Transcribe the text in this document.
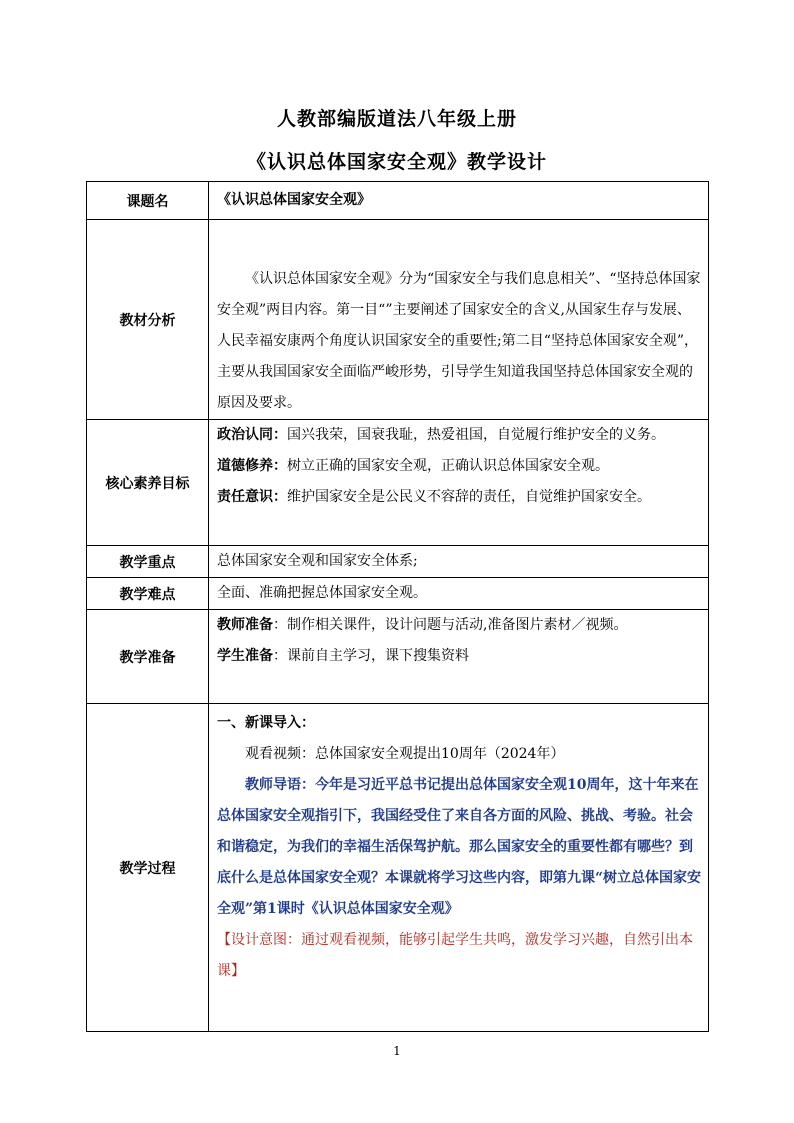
人教部编版道法八年级上册
《认识总体国家安全观》教学设计
课题名	《认识总体国家安全观》
教材分析	《认识总体国家安全观》分为“国家安全与我们息息相关”、“坚持总体国家安全观”两目内容。第一目“”主要阐述了国家安全的含义,从国家生存与发展、人民幸福安康两个角度认识国家安全的重要性;第二目“坚持总体国家安全观”，主要从我国国家安全面临严峻形势，引导学生知道我国坚持总体国家安全观的原因及要求。

核心素养目标	政治认同：国兴我荣，国衰我耻，热爱祖国，自觉履行维护安全的义务。

道德修养：树立正确的国家安全观，正确认识总体国家安全观。

责任意识：维护国家安全是公民义不容辞的责任，自觉维护国家安全。

教学重点	总体国家安全观和国家安全体系;
教学难点	全面、准确把握总体国家安全观。
教学准备	教师准备：制作相关课件，设计问题与活动,准备图片素材／视频。

学生准备：课前自主学习，课下搜集资料

教学过程	一、新课导入：

观看视频：总体国家安全观提出10周年（2024年）

教师导语：今年是习近平总书记提出总体国家安全观10周年，这十年来在总体国家安全观指引下，我国经受住了来自各方面的风险、挑战、考验。社会和谐稳定，为我们的幸福生活保驾护航。那么国家安全的重要性都有哪些？到底什么是总体国家安全观？本课就将学习这些内容，即第九课“树立总体国家安全观”第1课时《认识总体国家安全观》

【设计意图：通过观看视频，能够引起学生共鸣，激发学习兴趣，自然引出本课】

1
